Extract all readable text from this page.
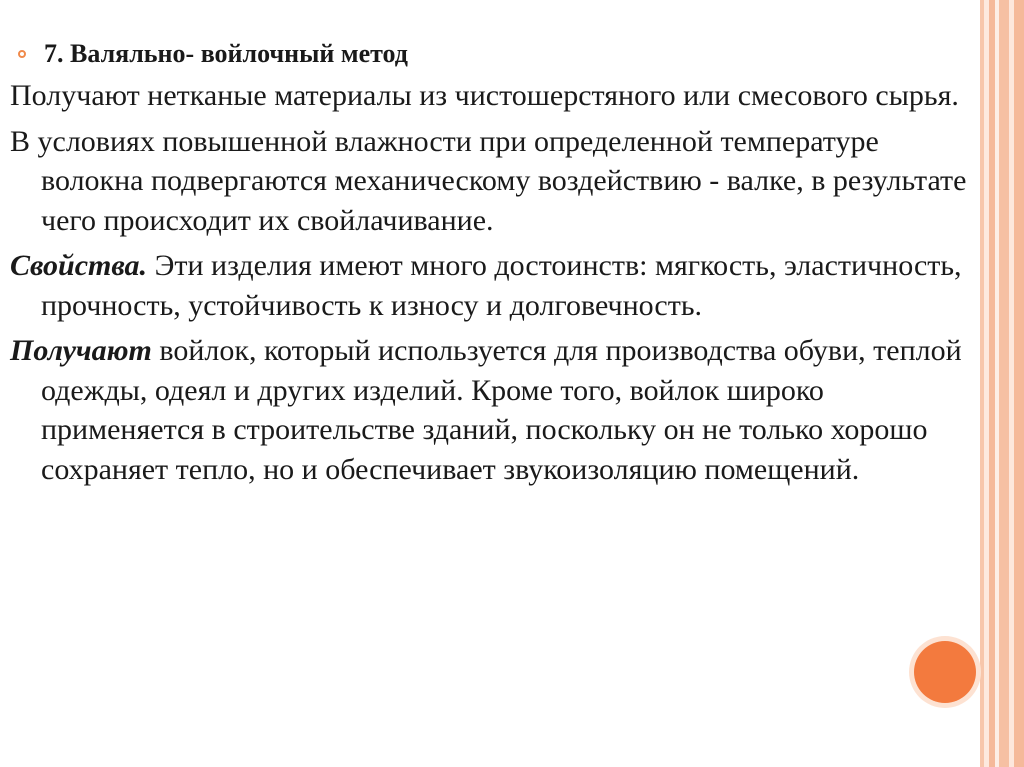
7. Валяльно- войлочный метод
Получают нетканые материалы из чистошерстяного или смесового сырья.
В условиях повышенной влажности при определенной температуре волокна подвергаются механическому воздействию - валке, в результате чего происходит их свойлачивание.
Свойства. Эти изделия имеют много достоинств: мягкость, эластичность, прочность, устойчивость к износу и долговечность.
Получают войлок, который используется для производства обуви, теплой одежды, одеял и других изделий. Кроме того, войлок широко применяется в строительстве зданий, поскольку он не только хорошо сохраняет тепло, но и обеспечивает звукоизоляцию помещений.
